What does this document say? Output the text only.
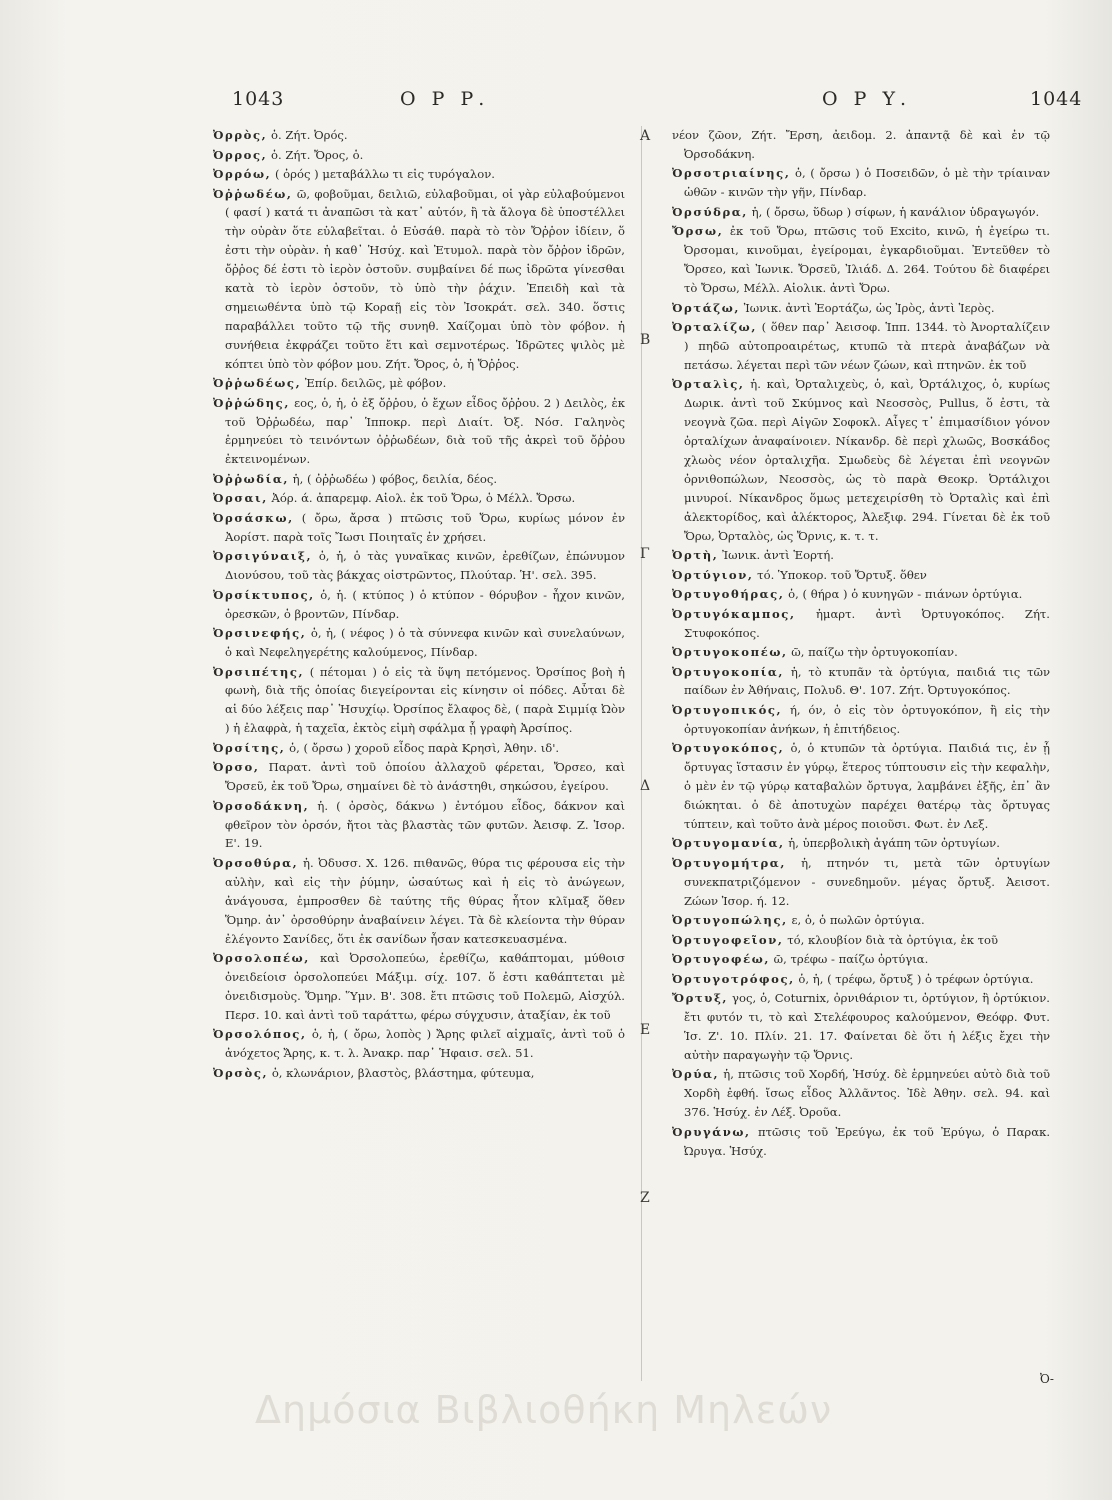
1043	Ο Ρ Ρ.	Ο Ρ Υ.	1044

Ὀρρὸς, ὁ. Ζήτ. Ὀρός.

Ὀρρος, ὁ. Ζήτ. Ὄρος, ὁ.

Ὀρρόω, ( ὀρός ) μεταβάλλω τι εἰς τυρόγαλον.

Ὀῤῥωδέω, ῶ, φοβοῦμαι, δειλιῶ, εὐλαβοῦμαι, οἱ γὰρ εὐλαβούμενοι ( φασί ) κατά τι ἀναπῶσι τὰ κατ᾿ αὐτόν, ἢ τὰ ἄλογα δὲ ὑποστέλλει τὴν οὐρὰν ὅτε εὐλαβεῖται. ὁ Εὐσάθ. παρὰ τὸ τὸν Ὄῤῥον ἰδίειν, ὅ ἐστι τὴν οὐρὰν. ἡ καθ᾿ Ἡσύχ. καὶ Ἐτυμολ. παρὰ τὸν ὄῤῥον ἱδρῶν, ὄῤῥος δέ ἐστι τὸ ἱερὸν ὀστοῦν. συμβαίνει δέ πως ἱδρῶτα γίνεσθαι κατὰ τὸ ἱερὸν ὀστοῦν, τὸ ὑπὸ τὴν ῥάχιν. Ἐπειδὴ καὶ τὰ σημειωθέντα ὑπὸ τῷ Κοραῇ εἰς τὸν Ἰσοκράτ. σελ. 340. ὅστις παραβάλλει τοῦτο τῷ τῆς συνηθ. Χαίζομαι ὑπὸ τὸν φόβον. ἡ συνήθεια ἐκφράζει τοῦτο ἔτι καὶ σεμνοτέρως. Ἱδρῶτες ψιλὸς μὲ κόπτει ὑπὸ τὸν φόβον μου. Ζήτ. Ὄρος, ὁ, ἡ Ὄῤῥος.

Ὀῤῥωδέως, Ἐπίρ. δειλῶς, μὲ φόβον.

Ὀῤῥώδης, εος, ὁ, ἡ, ὁ ἐξ ὄῤῥου, ὁ ἔχων εἶδος ὄῤῥου. 2 ) Δειλὸς, ἐκ τοῦ Ὀῤῥωδέω, παρ᾿ Ἱπποκρ. περὶ Διαίτ. Ὀξ. Νόσ. Γαληνὸς ἑρμηνεύει τὸ τεινόντων ὀῤῥωδέων, διὰ τοῦ τῆς ἀκρεὶ τοῦ ὄῤῥου ἐκτεινομένων.

Ὀῤῥωδία, ἡ, ( ὀῤῥωδέω ) φόβος, δειλία, δέος.

Ὀρσαι, Ἀόρ. ά. ἀπαρεμφ. Αἰολ. ἐκ τοῦ Ὄρω, ὁ Μέλλ. Ὄρσω.

Ὀρσάσκω, ( ὄρω, ἄρσα ) πτῶσις τοῦ Ὄρω, κυρίως μόνον ἐν Ἀορίστ. παρὰ τοῖς Ἴωσι Ποιηταῖς ἐν χρήσει.

Ὀρσιγύναιξ, ὁ, ἡ, ὁ τὰς γυναῖκας κινῶν, ἐρεθίζων, ἐπώνυμον Διονύσου, τοῦ τὰς βάκχας οἰστρῶντος, Πλούταρ. Ἡ'. σελ. 395.

Ὀρσίκτυπος, ὁ, ἡ. ( κτύπος ) ὁ κτύπον - θόρυβον - ἦχον κινῶν, ὀρεσκῶν, ὁ βροντῶν, Πίνδαρ.

Ὀρσινεφής, ὁ, ἡ, ( νέφος ) ὁ τὰ σύννεφα κινῶν καὶ συνελαύνων, ὁ καὶ Νεφεληγερέτης καλούμενος, Πίνδαρ.

Ὀρσιπέτης, ( πέτομαι ) ὁ εἰς τὰ ὕψη πετόμενος. Ὀρσίπος βοὴ ἡ φωνὴ, διὰ τῆς ὁποίας διεγείρονται εἰς κίνησιν οἱ πόδες. Αὗται δὲ αἱ δύο λέξεις παρ᾿ Ἡσυχίῳ. Ὀρσίπος ἔλαφος δὲ, ( παρὰ Σιμμίᾳ Ὠὸν ) ἡ ἐλαφρὰ, ἡ ταχεῖα, ἐκτὸς εἰμὴ σφάλμα ᾖ γραφὴ Ἀρσίπος.

Ὀρσίτης, ὁ, ( ὄρσω ) χοροῦ εἶδος παρὰ Κρησὶ, Ἀθην. ιδ'.

Ὀρσο, Παρατ. ἀντὶ τοῦ ὁποίου ἀλλαχοῦ φέρεται, Ὄρσεο, καὶ Ὄρσεῦ, ἐκ τοῦ Ὄρω, σημαίνει δὲ τὸ ἀνάστηθι, σηκώσου, ἐγείρου.

Ὀρσοδάκνη, ἡ. ( ὀρσὸς, δάκνω ) ἐντόμου εἶδος, δάκνον καὶ φθεῖρον τὸν ὀρσόν, ἤτοι τὰς βλαστὰς τῶν φυτῶν. Ἀεισφ. Ζ. Ἱσορ. Ε'. 19.

Ὀρσοθύρα, ἡ. Ὀδυσσ. Χ. 126. πιθανῶς, θύρα τις φέρουσα εἰς τὴν αὐλὴν, καὶ εἰς τὴν ῥύμην, ὡσαύτως καὶ ἡ εἰς τὸ ἀνώγεων, ἀνάγουσα, ἐμπροσθεν δὲ ταύτης τῆς θύρας ἦτον κλῖμαξ ὅθεν Ὅμηρ. ἀν᾿ ὀρσοθύρην ἀναβαίνειν λέγει. Τὰ δὲ κλείοντα τὴν θύραν ἐλέγοντο Σανίδες, ὅτι ἐκ σανίδων ἦσαν κατεσκευασμένα.

Ὀρσολοπέω, καὶ Ὀρσολοπεύω, ἐρεθίζω, καθάπτομαι, μύθοισ ὀνειδείοισ ὀρσολοπεύει Μάξιμ. σίχ. 107. ὅ ἐστι καθάπτεται μὲ ὀνειδισμοὺς. Ὅμηρ. Ὕμν. Β'. 308. ἔτι πτῶσις τοῦ Πολεμῶ, Αἰσχύλ. Περσ. 10. καὶ ἀντὶ τοῦ ταράττω, φέρω σύγχυσιν, ἀταξίαν, ἐκ τοῦ

Ὀρσολόπος, ὁ, ἡ, ( ὄρω, λοπὸς ) Ἄρης φιλεῖ αἰχμαῖς, ἀντὶ τοῦ ὁ ἀνόχετος Ἄρης, κ. τ. λ. Ἀνακρ. παρ᾿ Ἡφαισ. σελ. 51.

Ὀρσὸς, ὁ, κλωνάριον, βλαστὸς, βλάστημα, φύτευμα,

νέον ζῶον, Ζήτ. Ἔρση, ἀειδομ. 2. ἀπαντᾷ δὲ καὶ ἐν τῷ Ὀρσοδάκνη.

Ὀρσοτριαίνης, ὁ, ( ὄρσω ) ὁ Ποσειδῶν, ὁ μὲ τὴν τρίαιναν ὠθῶν - κινῶν τὴν γῆν, Πίνδαρ.

Ὀρσύδρα, ἡ, ( ὄρσω, ὕδωρ ) σίφων, ἡ κανάλιον ὑδραγωγόν.

Ὄρσω, ἐκ τοῦ Ὄρω, πτῶσις τοῦ Excito, κινῶ, ἡ ἐγείρω τι. Ὀρσομαι, κινοῦμαι, ἐγείρομαι, ἐγκαρδιοῦμαι. Ἐντεῦθεν τὸ Ὄρσεο, καὶ Ἰωνικ. Ὄρσεῦ, Ἰλιάδ. Δ. 264. Τούτου δὲ διαφέρει τὸ Ὄρσω, Μέλλ. Αἰολικ. ἀντὶ Ὄρω.

Ὀρτάζω, Ἰωνικ. ἀντὶ Ἑορτάζω, ὡς Ἰρὸς, ἀντὶ Ἱερὸς.

Ὀρταλίζω, ( ὅθεν παρ᾿ Ἀεισοφ. Ἱππ. 1344. τὸ Ἀνορταλίζειν ) πηδῶ αὐτοπροαιρέτως, κτυπῶ τὰ πτερὰ ἀναβάζων νὰ πετάσω. λέγεται περὶ τῶν νέων ζώων, καὶ πτηνῶν. ἐκ τοῦ

Ὀρταλὶς, ἡ. καὶ, Ὀρταλιχεὺς, ὁ, καὶ, Ὀρτάλιχος, ὁ, κυρίως Δωρικ. ἀντὶ τοῦ Σκύμνος καὶ Νεοσσὸς, Pullus, ὅ ἐστι, τὰ νεογνὰ ζῶα. περὶ Αἰγῶν Σοφοκλ. Αἶγες τ᾿ ἐπιμασίδιον γόνον ὀρταλίχων ἀναφαίνοιεν. Νίκανδρ. δὲ περὶ χλωῶς, Βοσκάδος χλωὸς νέον ὀρταλιχῆα. Σμωδεὺς δὲ λέγεται ἐπὶ νεογνῶν ὀρνιθοπώλων, Νεοσσὸς, ὡς τὸ παρὰ Θεοκρ. Ὀρτάλιχοι μινυροί. Νίκανδρος ὅμως μετεχειρίσθη τὸ Ὀρταλὶς καὶ ἐπὶ ἀλεκτορίδος, καὶ ἀλέκτορος, Ἀλεξιφ. 294. Γίνεται δὲ ἐκ τοῦ Ὄρω, Ὀρταλὸς, ὡς Ὄρνις, κ. τ. τ.

Ὀρτὴ, Ἰωνικ. ἀντὶ Ἑορτή.

Ὀρτύγιον, τό. Ὑποκορ. τοῦ Ὄρτυξ. ὅθεν

Ὀρτυγοθήρας, ὁ, ( θήρα ) ὁ κυνηγῶν - πιάνων ὀρτύγια.

Ὀρτυγόκαμπος, ἡμαρτ. ἀντὶ Ὀρτυγοκόπος. Ζήτ. Στυφοκόπος.

Ὀρτυγοκοπέω, ῶ, παίζω τὴν ὀρτυγοκοπίαν.

Ὀρτυγοκοπία, ἡ, τὸ κτυπᾶν τὰ ὀρτύγια, παιδιά τις τῶν παίδων ἐν Ἀθήναις, Πολυδ. Θ'. 107. Ζήτ. Ὀρτυγοκόπος.

Ὀρτυγοπικός, ή, όν, ὁ εἰς τὸν ὀρτυγοκόπον, ἢ εἰς τὴν ὀρτυγοκοπίαν ἀνήκων, ἡ ἐπιτήδειος.

Ὀρτυγοκόπος, ὁ, ὁ κτυπῶν τὰ ὀρτύγια. Παιδιά τις, ἐν ᾗ ὄρτυγας ἵστασιν ἐν γύρῳ, ἕτερος τύπτουσιν εἰς τὴν κεφαλὴν, ὁ μὲν ἐν τῷ γύρῳ καταβαλὼν ὄρτυγα, λαμβάνει ἑξῆς, ἐπ᾿ ἂν διώκηται. ὁ δὲ ἀποτυχὼν παρέχει θατέρῳ τὰς ὄρτυγας τύπτειν, καὶ τοῦτο ἀνὰ μέρος ποιοῦσι. Φωτ. ἐν Λεξ.

Ὀρτυγομανία, ἡ, ὑπερβολικὴ ἀγάπη τῶν ὀρτυγίων.

Ὀρτυγομήτρα, ἡ, πτηνόν τι, μετὰ τῶν ὀρτυγίων συνεκπατριζόμενον - συνεδημοῦν. μέγας ὄρτυξ. Ἀεισοτ. Ζώων Ἱσορ. ή. 12.

Ὀρτυγοπώλης, ε, ὁ, ὁ πωλῶν ὀρτύγια.

Ὀρτυγοφεῖον, τό, κλουβίον διὰ τὰ ὀρτύγια, ἐκ τοῦ

Ὀρτυγοφέω, ῶ, τρέφω - παίζω ὀρτύγια.

Ὀρτυγοτρόφος, ὁ, ἡ, ( τρέφω, ὄρτυξ ) ὁ τρέφων ὀρτύγια.

Ὄρτυξ, γος, ὁ, Coturnix, ὀρνιθάριον τι, ὀρτύγιον, ἢ ὀρτύκιον. ἔτι φυτόν τι, τὸ καὶ Στελέφουρος καλούμενον, Θεόφρ. Φυτ. Ἱσ. Ζ'. 10. Πλίν. 21. 17. Φαίνεται δὲ ὅτι ἡ λέξις ἔχει τὴν αὐτὴν παραγωγὴν τῷ Ὄρνις.

Ὀρύα, ἡ, πτῶσις τοῦ Χορδή, Ἡσύχ. δὲ ἑρμηνεύει αὐτὸ διὰ τοῦ Χορδὴ ἐφθή. ἴσως εἶδος Ἀλλᾶντος. Ἰδὲ Ἀθην. σελ. 94. καὶ 376. Ἡσύχ. ἐν Λέξ. Ὀροῦα.

Ὀρυγάνω, πτῶσις τοῦ Ἐρεύγω, ἐκ τοῦ Ἐρύγω, ὁ Παρακ. Ὠρυγα. Ἡσύχ.

Α
Β
Γ
Δ
Ε
Ζ
Ὀ-
Δημόσια Βιβλιοθήκη Μηλεών
